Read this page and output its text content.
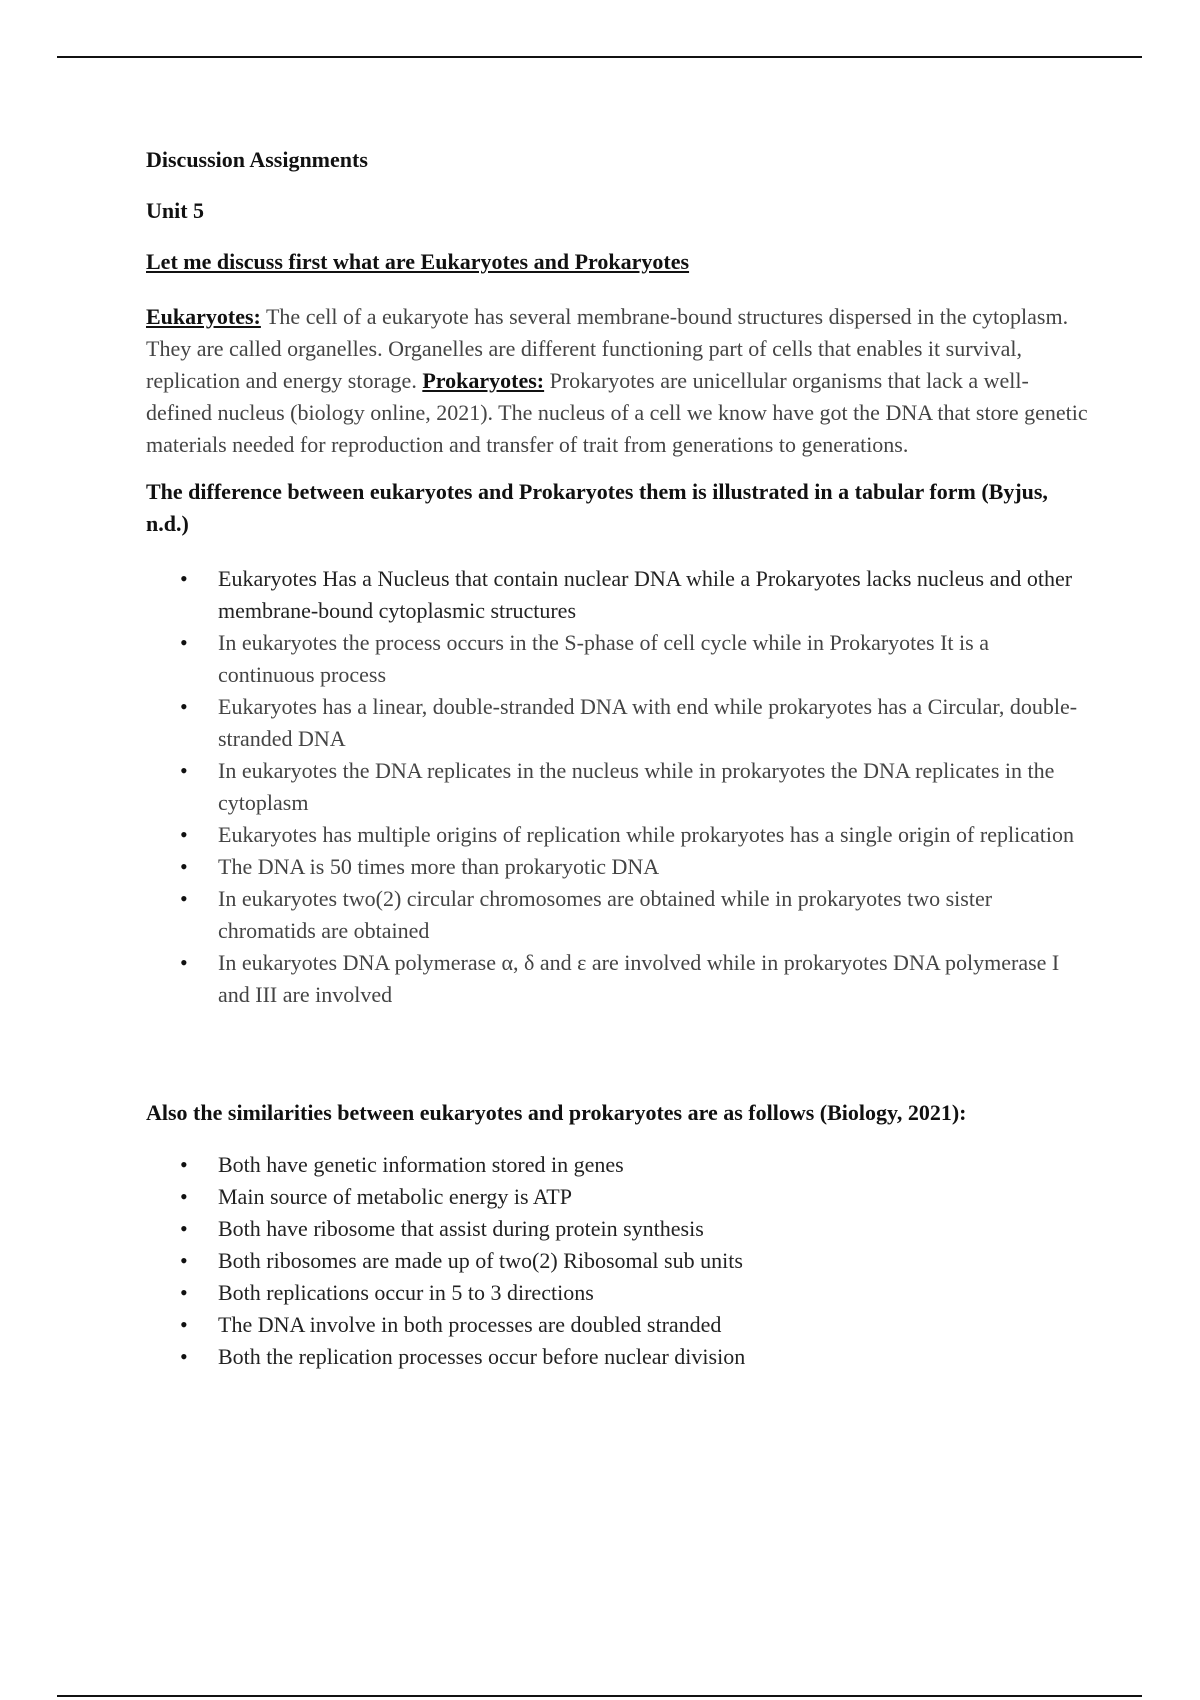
Discussion Assignments

Unit 5

Let me discuss first what are Eukaryotes and Prokaryotes

Eukaryotes: The cell of a eukaryote has several membrane-bound structures dispersed in the cytoplasm. They are called organelles. Organelles are different functioning part of cells that enables it survival, replication and energy storage. Prokaryotes: Prokaryotes are unicellular organisms that lack a well-defined nucleus (biology online, 2021). The nucleus of a cell we know have got the DNA that store genetic materials needed for reproduction and transfer of trait from generations to generations.

The difference between eukaryotes and Prokaryotes them is illustrated in a tabular form (Byjus, n.d.)

• Eukaryotes Has a Nucleus that contain nuclear DNA while a Prokaryotes lacks nucleus and other membrane-bound cytoplasmic structures
• In eukaryotes the process occurs in the S-phase of cell cycle while in Prokaryotes It is a continuous process
• Eukaryotes has a linear, double-stranded DNA with end while prokaryotes has a Circular, double-stranded DNA
• In eukaryotes the DNA replicates in the nucleus while in prokaryotes the DNA replicates in the cytoplasm
• Eukaryotes has multiple origins of replication while prokaryotes has a single origin of replication
• The DNA is 50 times more than prokaryotic DNA
• In eukaryotes two(2) circular chromosomes are obtained while in prokaryotes two sister chromatids are obtained
• In eukaryotes DNA polymerase α, δ and ε are involved while in prokaryotes DNA polymerase I and III are involved

Also the similarities between eukaryotes and prokaryotes are as follows (Biology, 2021):

• Both have genetic information stored in genes
• Main source of metabolic energy is ATP
• Both have ribosome that assist during protein synthesis
• Both ribosomes are made up of two(2) Ribosomal sub units
• Both replications occur in 5 to 3 directions
• The DNA involve in both processes are doubled stranded
• Both the replication processes occur before nuclear division
